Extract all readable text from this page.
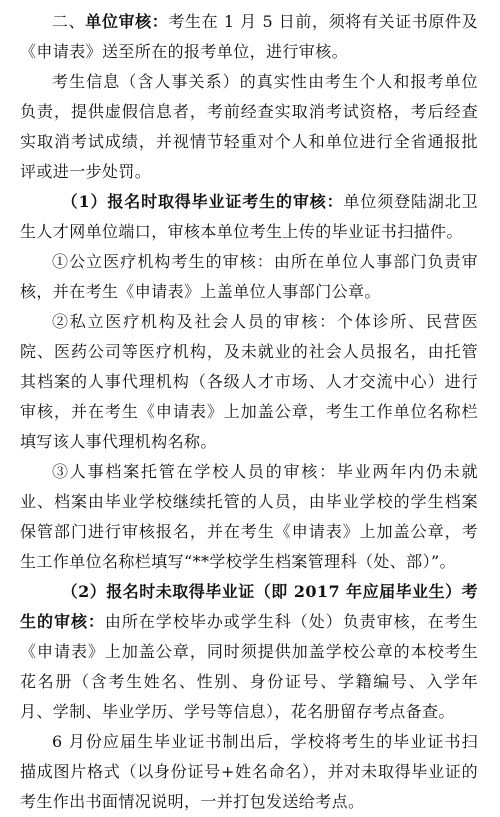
二、单位审核：考生在 1 月 5 日前，须将有关证书原件及《申请表》送至所在的报考单位，进行审核。

考生信息（含人事关系）的真实性由考生个人和报考单位负责，提供虚假信息者，考前经查实取消考试资格，考后经查实取消考试成绩，并视情节轻重对个人和单位进行全省通报批评或进一步处罚。

（1）报名时取得毕业证考生的审核：单位须登陆湖北卫生人才网单位端口，审核本单位考生上传的毕业证书扫描件。

①公立医疗机构考生的审核：由所在单位人事部门负责审核，并在考生《申请表》上盖单位人事部门公章。

②私立医疗机构及社会人员的审核：个体诊所、民营医院、医药公司等医疗机构，及未就业的社会人员报名，由托管其档案的人事代理机构（各级人才市场、人才交流中心）进行审核，并在考生《申请表》上加盖公章，考生工作单位名称栏填写该人事代理机构名称。

③人事档案托管在学校人员的审核：毕业两年内仍未就业、档案由毕业学校继续托管的人员，由毕业学校的学生档案保管部门进行审核报名，并在考生《申请表》上加盖公章，考生工作单位名称栏填写“**学校学生档案管理科（处、部）”。

（2）报名时未取得毕业证（即 2017 年应届毕业生）考生的审核：由所在学校毕办或学生科（处）负责审核，在考生《申请表》上加盖公章，同时须提供加盖学校公章的本校考生花名册（含考生姓名、性别、身份证号、学籍编号、入学年月、学制、毕业学历、学号等信息），花名册留存考点备查。

6 月份应届生毕业证书制出后，学校将考生的毕业证书扫描成图片格式（以身份证号+姓名命名），并对未取得毕业证的考生作出书面情况说明，一并打包发送给考点。
